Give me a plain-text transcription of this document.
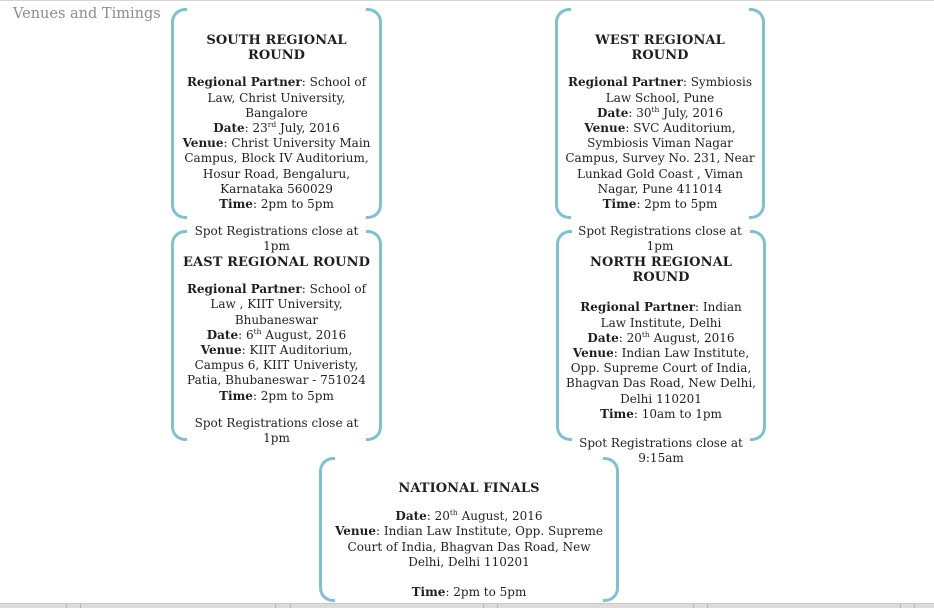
Venues and Timings
SOUTH REGIONAL ROUND

Regional Partner: School of Law, Christ University, Bangalore

Date: 23rd July, 2016

Venue: Christ University Main Campus, Block IV Auditorium, Hosur Road, Bengaluru, Karnataka 560029

Time: 2pm to 5pm

Spot Registrations close at 1pm

WEST REGIONAL ROUND

Regional Partner: Symbiosis Law School, Pune

Date: 30th July, 2016

Venue: SVC Auditorium, Symbiosis Viman Nagar Campus, Survey No. 231, Near Lunkad Gold Coast , Viman Nagar, Pune 411014

Time: 2pm to 5pm

Spot Registrations close at 1pm

EAST REGIONAL ROUND

Regional Partner: School of Law , KIIT University, Bhubaneswar

Date: 6th August, 2016

Venue: KIIT Auditorium, Campus 6, KIIT Univeristy, Patia, Bhubaneswar - 751024

Time: 2pm to 5pm

Spot Registrations close at 1pm

NORTH REGIONAL ROUND

Regional Partner: Indian Law Institute, Delhi

Date: 20th August, 2016

Venue: Indian Law Institute, Opp. Supreme Court of India, Bhagvan Das Road, New Delhi, Delhi 110201

Time: 10am to 1pm

Spot Registrations close at 9:15am

NATIONAL FINALS

Date: 20th August, 2016

Venue: Indian Law Institute, Opp. Supreme Court of India, Bhagvan Das Road, New Delhi, Delhi 110201

Time: 2pm to 5pm
